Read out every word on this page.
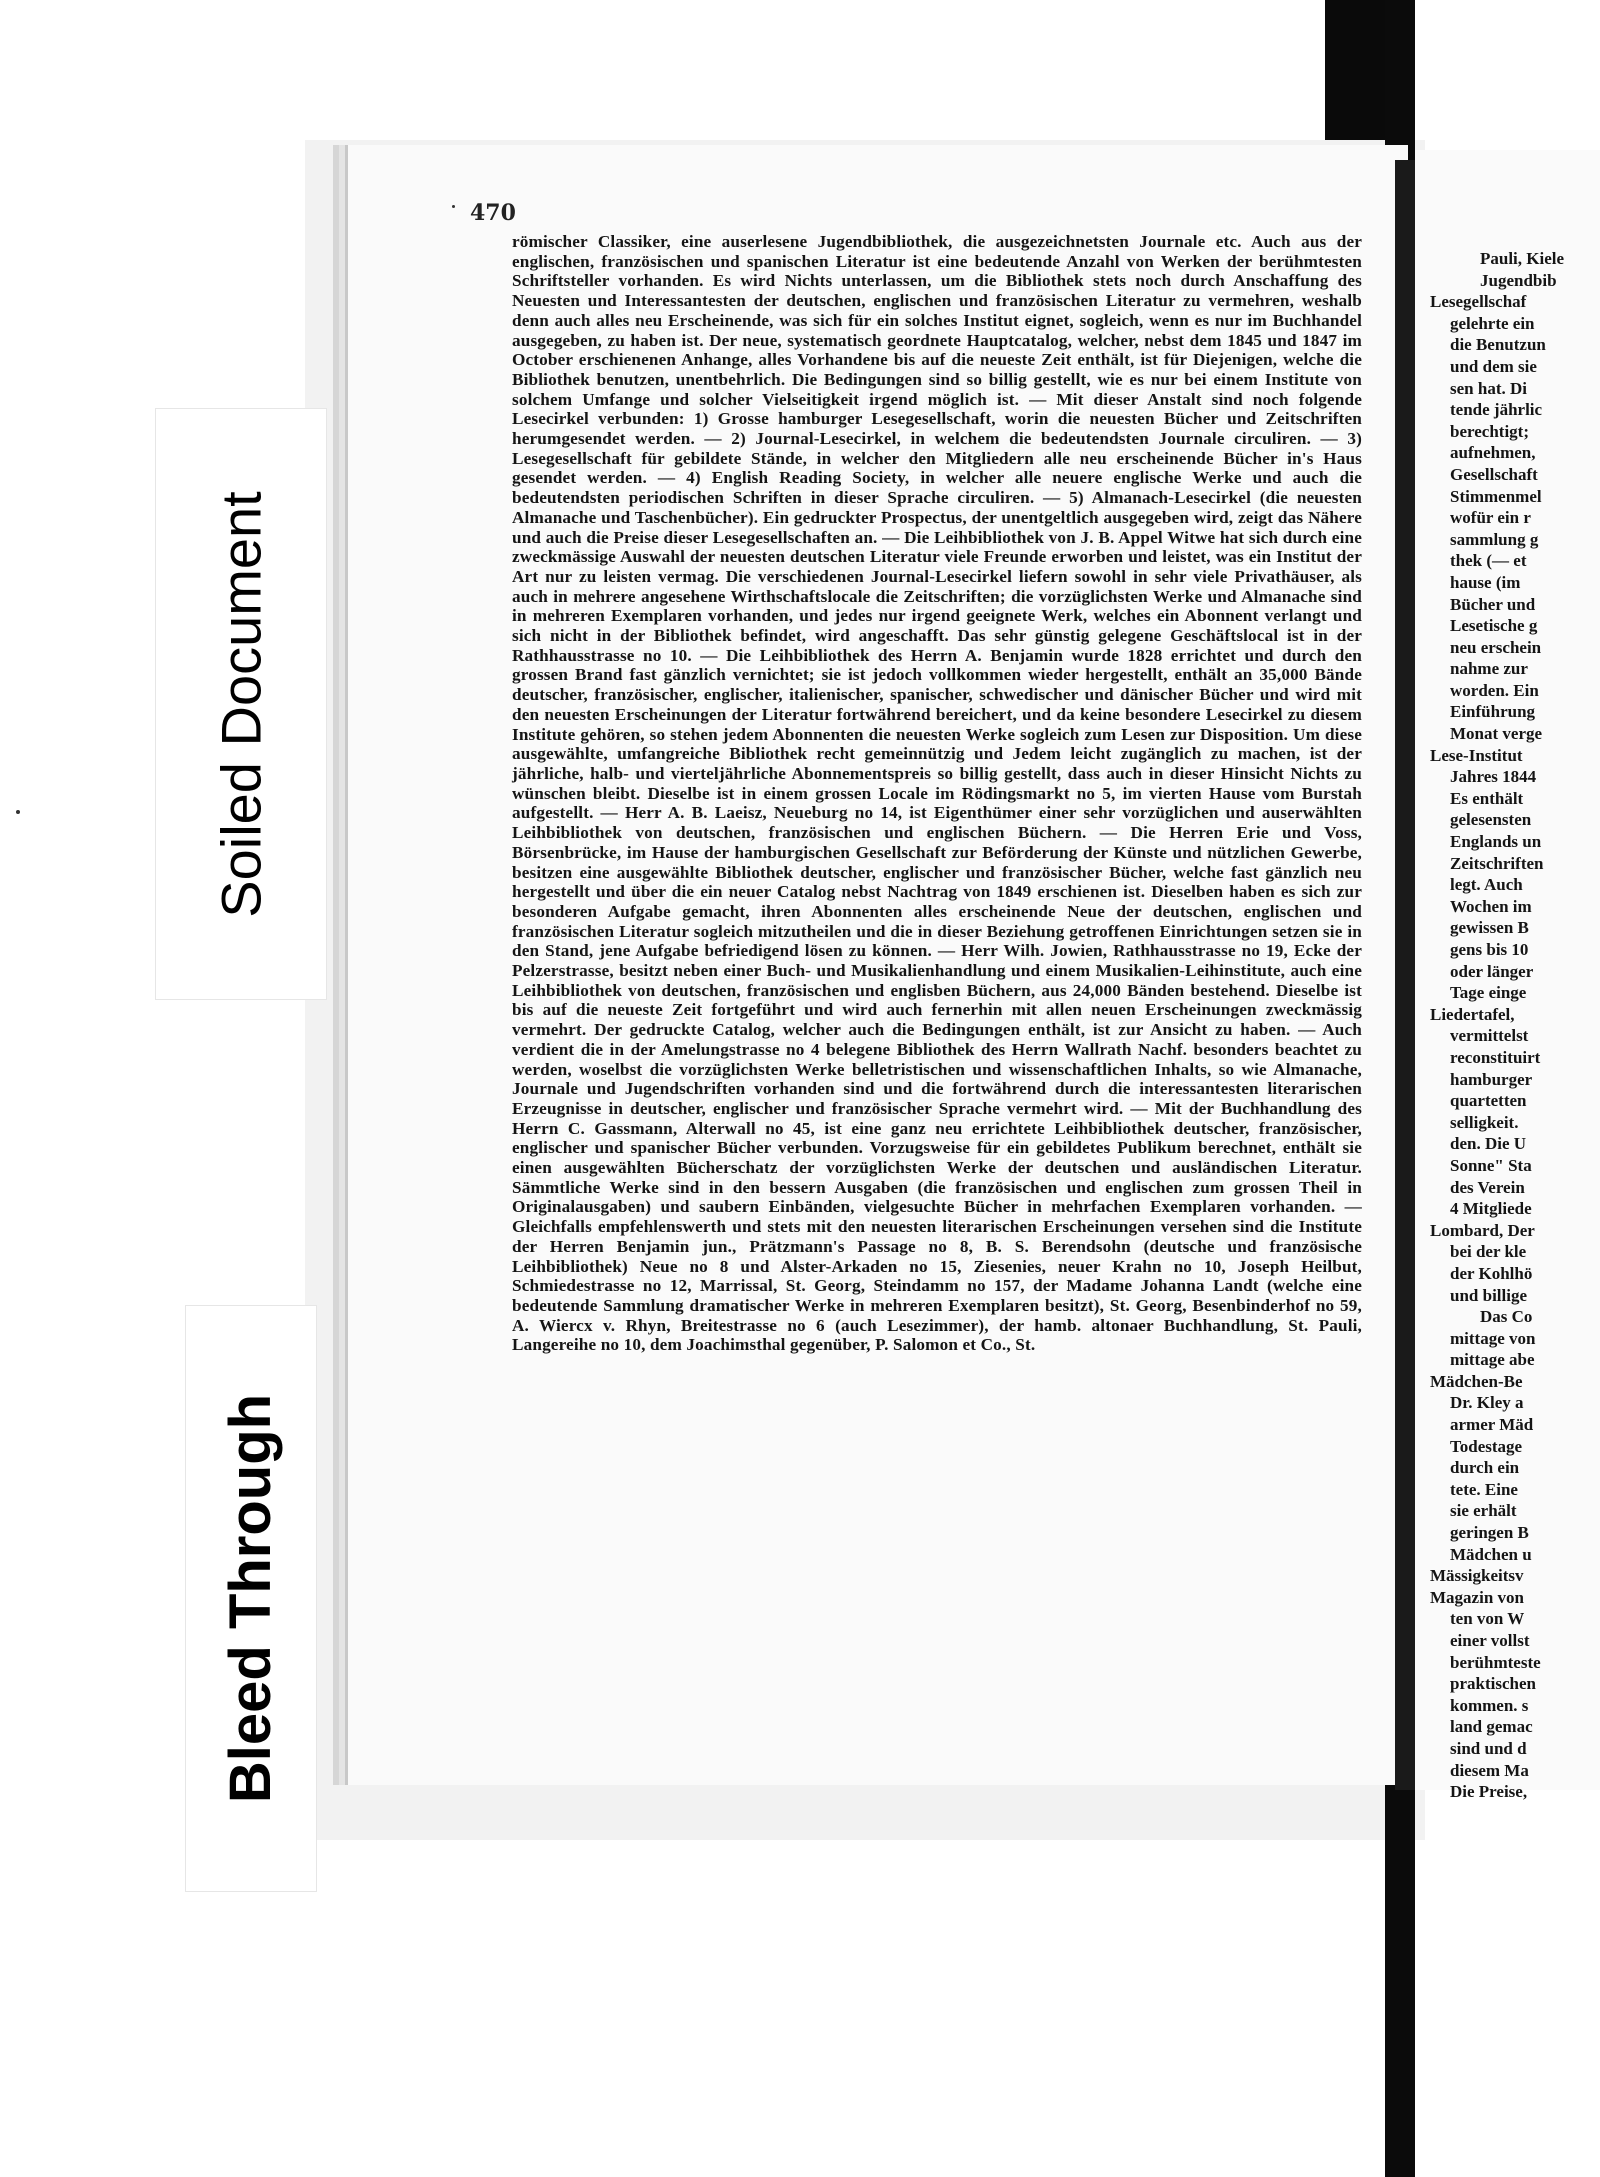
470

römischer Classiker, eine auserlesene Jugendbibliothek, die ausgezeichnetsten Journale etc. Auch aus der englischen, französischen und spanischen Literatur ist eine bedeutende Anzahl von Werken der berühmtesten Schriftsteller vorhanden. Es wird Nichts unterlassen, um die Bibliothek stets noch durch Anschaffung des Neuesten und Interessantesten der deutschen, englischen und französischen Literatur zu vermehren, weshalb denn auch alles neu Erscheinende, was sich für ein solches Institut eignet, sogleich, wenn es nur im Buchhandel ausgegeben, zu haben ist. Der neue, systematisch geordnete Hauptcatalog, welcher, nebst dem 1845 und 1847 im October erschienenen Anhange, alles Vorhandene bis auf die neueste Zeit enthält, ist für Diejenigen, welche die Bibliothek benutzen, unentbehrlich. Die Bedingungen sind so billig gestellt, wie es nur bei einem Institute von solchem Umfange und solcher Vielseitigkeit irgend möglich ist. — Mit dieser Anstalt sind noch folgende Lesecirkel verbunden: 1) Grosse hamburger Lesegesellschaft, worin die neuesten Bücher und Zeitschriften herumgesendet werden. — 2) Journal-Lesecirkel, in welchem die bedeutendsten Journale circuliren. — 3) Lesegesellschaft für gebildete Stände, in welcher den Mitgliedern alle neu erscheinende Bücher in's Haus gesendet werden. — 4) English Reading Society, in welcher alle neuere englische Werke und auch die bedeutendsten periodischen Schriften in dieser Sprache circuliren. — 5) Almanach-Lesecirkel (die neuesten Almanache und Taschenbücher). Ein gedruckter Prospectus, der unentgeltlich ausgegeben wird, zeigt das Nähere und auch die Preise dieser Lesegesellschaften an. — Die Leihbibliothek von J. B. Appel Witwe hat sich durch eine zweckmässige Auswahl der neuesten deutschen Literatur viele Freunde erworben und leistet, was ein Institut der Art nur zu leisten vermag. Die verschiedenen Journal-Lesecirkel liefern sowohl in sehr viele Privathäuser, als auch in mehrere angesehene Wirthschaftslocale die Zeitschriften; die vorzüglichsten Werke und Almanache sind in mehreren Exemplaren vorhanden, und jedes nur irgend geeignete Werk, welches ein Abonnent verlangt und sich nicht in der Bibliothek befindet, wird angeschafft. Das sehr günstig gelegene Geschäftslocal ist in der Rathhausstrasse no 10. — Die Leihbibliothek des Herrn A. Benjamin wurde 1828 errichtet und durch den grossen Brand fast gänzlich vernichtet; sie ist jedoch vollkommen wieder hergestellt, enthält an 35,000 Bände deutscher, französischer, englischer, italienischer, spanischer, schwedischer und dänischer Bücher und wird mit den neuesten Erscheinungen der Literatur fortwährend bereichert, und da keine besondere Lesecirkel zu diesem Institute gehören, so stehen jedem Abonnenten die neuesten Werke sogleich zum Lesen zur Disposition. Um diese ausgewählte, umfangreiche Bibliothek recht gemeinnützig und Jedem leicht zugänglich zu machen, ist der jährliche, halb- und vierteljährliche Abonnementspreis so billig gestellt, dass auch in dieser Hinsicht Nichts zu wünschen bleibt. Dieselbe ist in einem grossen Locale im Rödingsmarkt no 5, im vierten Hause vom Burstah aufgestellt. — Herr A. B. Laeisz, Neueburg no 14, ist Eigenthümer einer sehr vorzüglichen und auserwählten Leihbibliothek von deutschen, französischen und englischen Büchern. — Die Herren Erie und Voss, Börsenbrücke, im Hause der hamburgischen Gesellschaft zur Beförderung der Künste und nützlichen Gewerbe, besitzen eine ausgewählte Bibliothek deutscher, englischer und französischer Bücher, welche fast gänzlich neu hergestellt und über die ein neuer Catalog nebst Nachtrag von 1849 erschienen ist. Dieselben haben es sich zur besonderen Aufgabe gemacht, ihren Abonnenten alles erscheinende Neue der deutschen, englischen und französischen Literatur sogleich mitzutheilen und die in dieser Beziehung getroffenen Einrichtungen setzen sie in den Stand, jene Aufgabe befriedigend lösen zu können. — Herr Wilh. Jowien, Rathhausstrasse no 19, Ecke der Pelzerstrasse, besitzt neben einer Buch- und Musikalienhandlung und einem Musikalien-Leihinstitute, auch eine Leihbibliothek von deutschen, französischen und englisben Büchern, aus 24,000 Bänden bestehend. Dieselbe ist bis auf die neueste Zeit fortgeführt und wird auch fernerhin mit allen neuen Erscheinungen zweckmässig vermehrt. Der gedruckte Catalog, welcher auch die Bedingungen enthält, ist zur Ansicht zu haben. — Auch verdient die in der Amelungstrasse no 4 belegene Bibliothek des Herrn Wallrath Nachf. besonders beachtet zu werden, woselbst die vorzüglichsten Werke belletristischen und wissenschaftlichen Inhalts, so wie Almanache, Journale und Jugendschriften vorhanden sind und die fortwährend durch die interessantesten literarischen Erzeugnisse in deutscher, englischer und französischer Sprache vermehrt wird. — Mit der Buchhandlung des Herrn C. Gassmann, Alterwall no 45, ist eine ganz neu errichtete Leihbibliothek deutscher, französischer, englischer und spanischer Bücher verbunden. Vorzugsweise für ein gebildetes Publikum berechnet, enthält sie einen ausgewählten Bücherschatz der vorzüglichsten Werke der deutschen und ausländischen Literatur. Sämmtliche Werke sind in den bessern Ausgaben (die französischen und englischen zum grossen Theil in Originalausgaben) und saubern Einbänden, vielgesuchte Bücher in mehrfachen Exemplaren vorhanden. — Gleichfalls empfehlenswerth und stets mit den neuesten literarischen Erscheinungen versehen sind die Institute der Herren Benjamin jun., Prätzmann's Passage no 8, B. S. Berendsohn (deutsche und französische Leihbibliothek) Neue no 8 und Alster-Arkaden no 15, Ziesenies, neuer Krahn no 10, Joseph Heilbut, Schmiedestrasse no 12, Marrissal, St. Georg, Steindamm no 157, der Madame Johanna Landt (welche eine bedeutende Sammlung dramatischer Werke in mehreren Exemplaren besitzt), St. Georg, Besenbinderhof no 59, A. Wiercx v. Rhyn, Breitestrasse no 6 (auch Lesezimmer), der hamb. altonaer Buchhandlung, St. Pauli, Langereihe no 10, dem Joachimsthal gegenüber, P. Salomon et Co., St.

Pauli, Kiele
Jugendbib
Lesegellschaf
gelehrte ein
die Benutzun
und dem sie
sen hat. Di
tende jährlic
berechtigt;
aufnehmen,
Gesellschaft
Stimmenmel
wofür ein r
sammlung g
thek (— et
hause (im
Bücher und
Lesetische g
neu erschein
nahme zur
worden. Ein
Einführung
Monat verge
Lese-Institut
Jahres 1844
Es enthält
gelesensten
Englands un
Zeitschriften
legt. Auch
Wochen im
gewissen B
gens bis 10
oder länger
Tage einge
Liedertafel,
vermittelst
reconstituirt
hamburger
quartetten
selligkeit.
den. Die U
Sonne" Sta
des Verein
4 Mitgliede
Lombard, Der
bei der kle
der Kohlhö
und billige
Das Co
mittage von
mittage abe
Mädchen-Be
Dr. Kley a
armer Mäd
Todestage
durch ein
tete. Eine
sie erhält
geringen B
Mädchen u
Mässigkeitsv
Magazin von
ten von W
einer vollst
berühmteste
praktischen
kommen. s
land gemac
sind und d
diesem Ma
Die Preise,
Soiled Document
Bleed Through
